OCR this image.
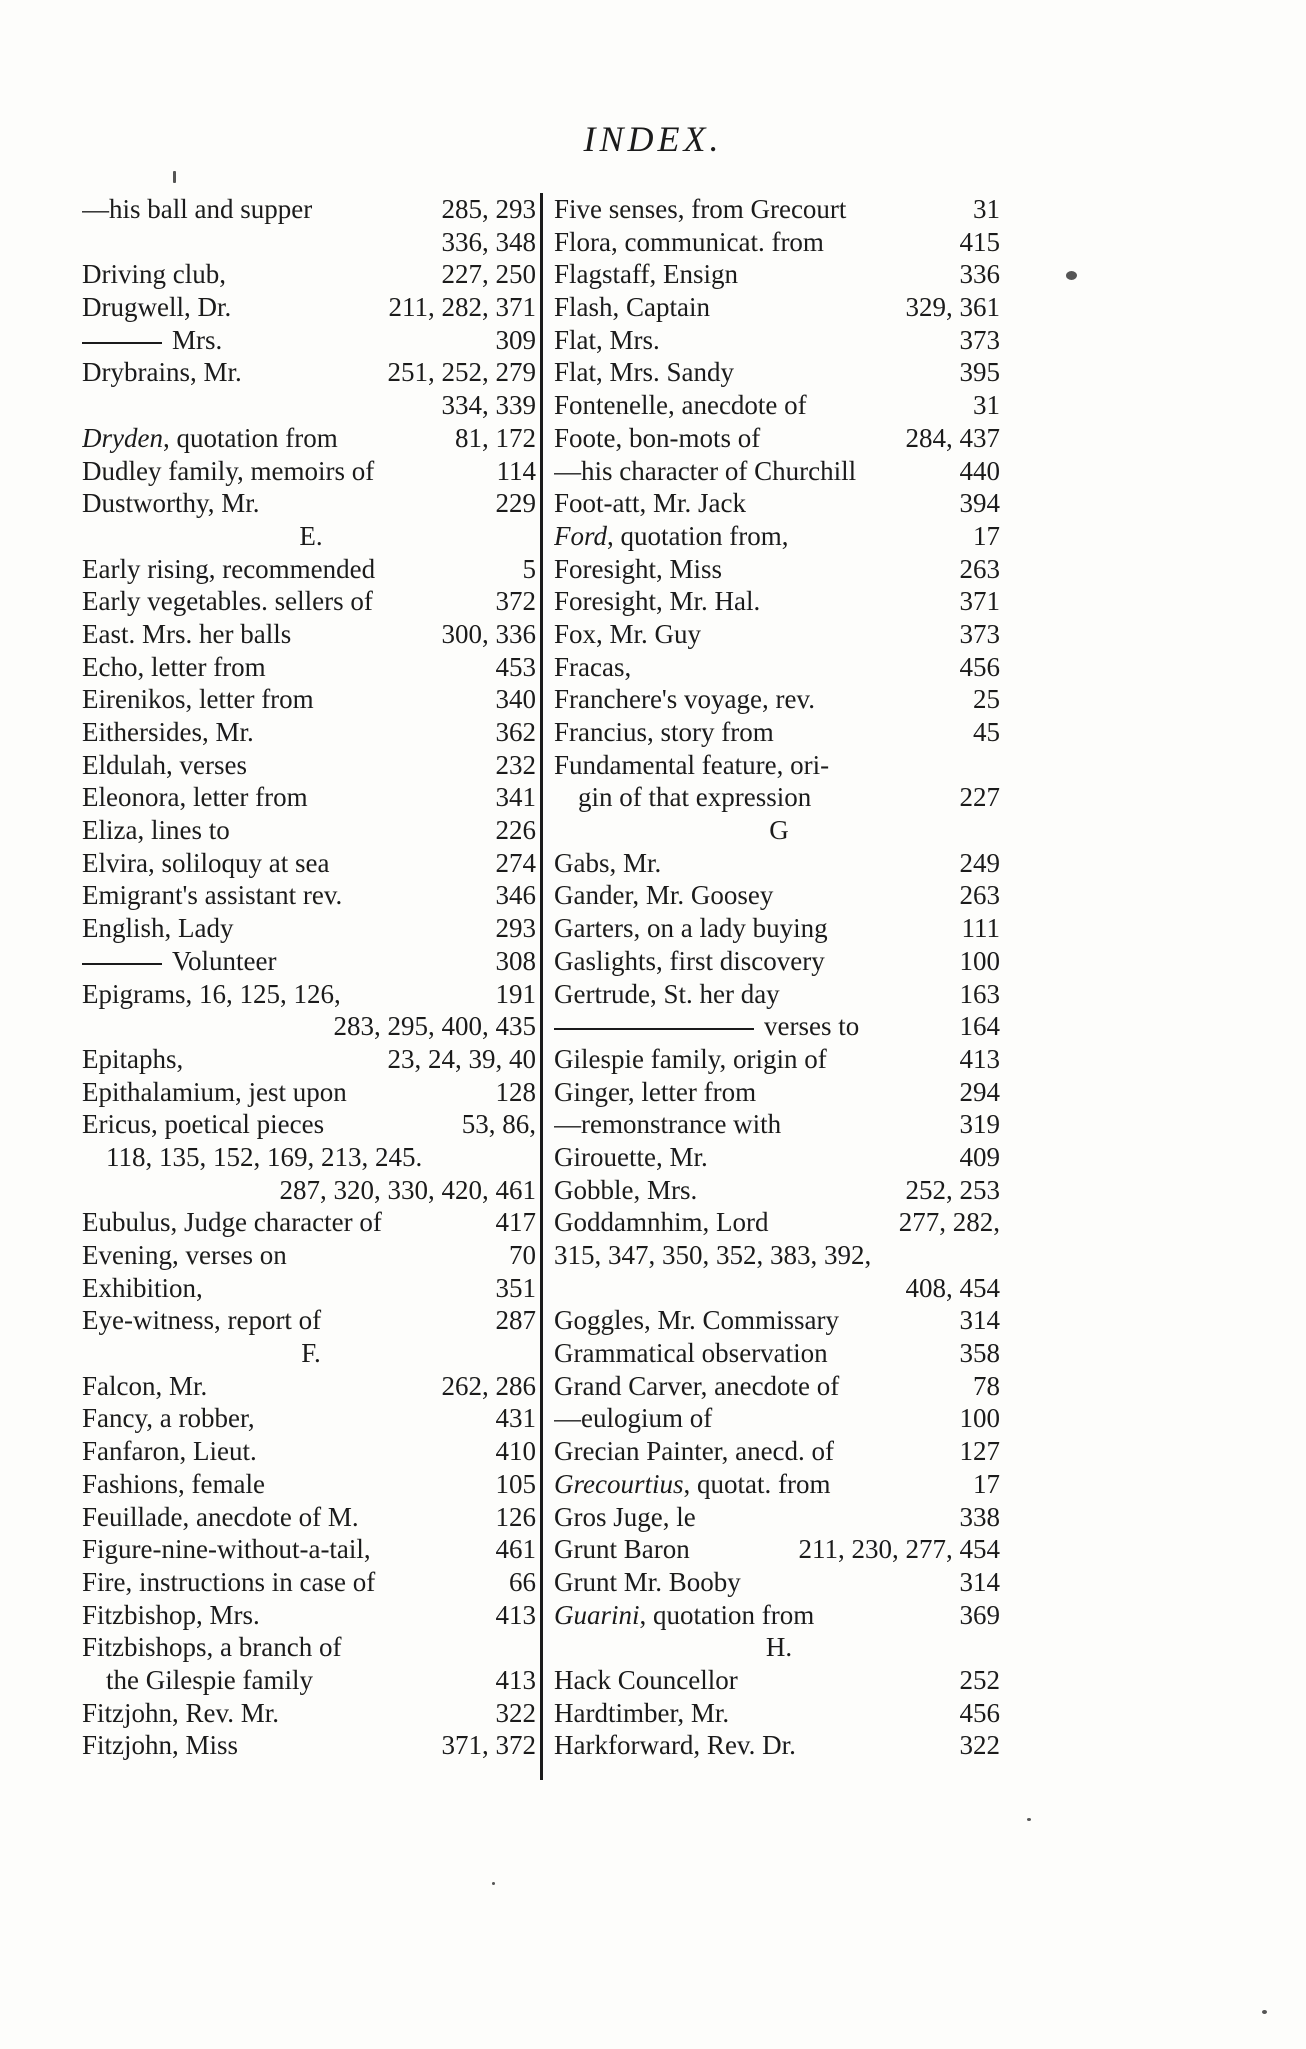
INDEX.
—his ball and supper	285, 293
336, 348
Driving club,	227, 250
Drugwell, Dr.	211, 282, 371
Mrs.	309
Drybrains, Mr.	251, 252, 279
334, 339
Dryden, quotation from	81, 172
Dudley family, memoirs of	114
Dustworthy, Mr.	229
E.
Early rising, recommended	5
Early vegetables. sellers of	372
East. Mrs. her balls	300, 336
Echo, letter from	453
Eirenikos, letter from	340
Eithersides, Mr.	362
Eldulah, verses	232
Eleonora, letter from	341
Eliza, lines to	226
Elvira, soliloquy at sea	274
Emigrant's assistant rev.	346
English, Lady	293
Volunteer	308
Epigrams, 16, 125, 126,	191
283, 295, 400, 435
Epitaphs,	23, 24, 39, 40
Epithalamium, jest upon	128
Ericus, poetical pieces	53, 86,
118, 135, 152, 169, 213, 245.
287, 320, 330, 420, 461
Eubulus, Judge character of	417
Evening, verses on	70
Exhibition,	351
Eye-witness, report of	287
F.
Falcon, Mr.	262, 286
Fancy, a robber,	431
Fanfaron, Lieut.	410
Fashions, female	105
Feuillade, anecdote of M.	126
Figure-nine-without-a-tail,	461
Fire, instructions in case of	66
Fitzbishop, Mrs.	413
Fitzbishops, a branch of
the Gilespie family	413
Fitzjohn, Rev. Mr.	322
Fitzjohn, Miss	371, 372
Five senses, from Grecourt	31
Flora, communicat. from	415
Flagstaff, Ensign	336
Flash, Captain	329, 361
Flat, Mrs.	373
Flat, Mrs. Sandy	395
Fontenelle, anecdote of	31
Foote, bon-mots of	284, 437
—his character of Churchill	440
Foot-att, Mr. Jack	394
Ford, quotation from,	17
Foresight, Miss	263
Foresight, Mr. Hal.	371
Fox, Mr. Guy	373
Fracas,	456
Franchere's voyage, rev.	25
Francius, story from	45
Fundamental feature, ori-
gin of that expression	227
G
Gabs, Mr.	249
Gander, Mr. Goosey	263
Garters, on a lady buying	111
Gaslights, first discovery	100
Gertrude, St. her day	163
verses to	164
Gilespie family, origin of	413
Ginger, letter from	294
—remonstrance with	319
Girouette, Mr.	409
Gobble, Mrs.	252, 253
Goddamnhim, Lord	277, 282,
315, 347, 350, 352, 383, 392,
408, 454
Goggles, Mr. Commissary	314
Grammatical observation	358
Grand Carver, anecdote of	78
—eulogium of	100
Grecian Painter, anecd. of	127
Grecourtius, quotat. from	17
Gros Juge, le	338
Grunt Baron	211, 230, 277, 454
Grunt Mr. Booby	314
Guarini, quotation from	369
H.
Hack Councellor	252
Hardtimber, Mr.	456
Harkforward, Rev. Dr.	322
